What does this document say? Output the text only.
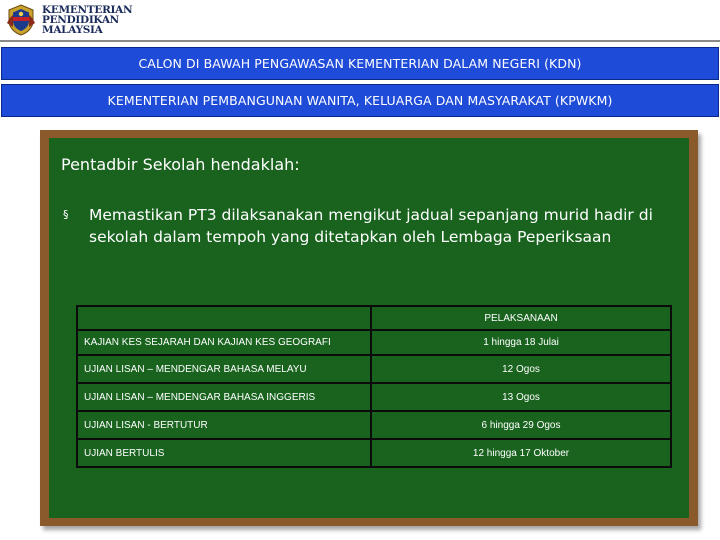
KEMENTERIAN
PENDIDIKAN
MALAYSIA
CALON DI BAWAH PENGAWASAN KEMENTERIAN DALAM NEGERI (KDN)
KEMENTERIAN PEMBANGUNAN WANITA, KELUARGA DAN MASYARAKAT (KPWKM)
Pentadbir Sekolah hendaklah:
§	Memastikan PT3 dilaksanakan mengikut jadual sepanjang murid hadir di sekolah dalam tempoh yang ditetapkan oleh Lembaga Peperiksaan
	PELAKSANAAN
KAJIAN KES SEJARAH DAN KAJIAN KES GEOGRAFI	1 hingga 18 Julai
UJIAN LISAN – MENDENGAR BAHASA MELAYU	12 Ogos
UJIAN LISAN – MENDENGAR BAHASA INGGERIS	13 Ogos
UJIAN LISAN - BERTUTUR	6 hingga 29 Ogos
UJIAN BERTULIS	12 hingga 17 Oktober
